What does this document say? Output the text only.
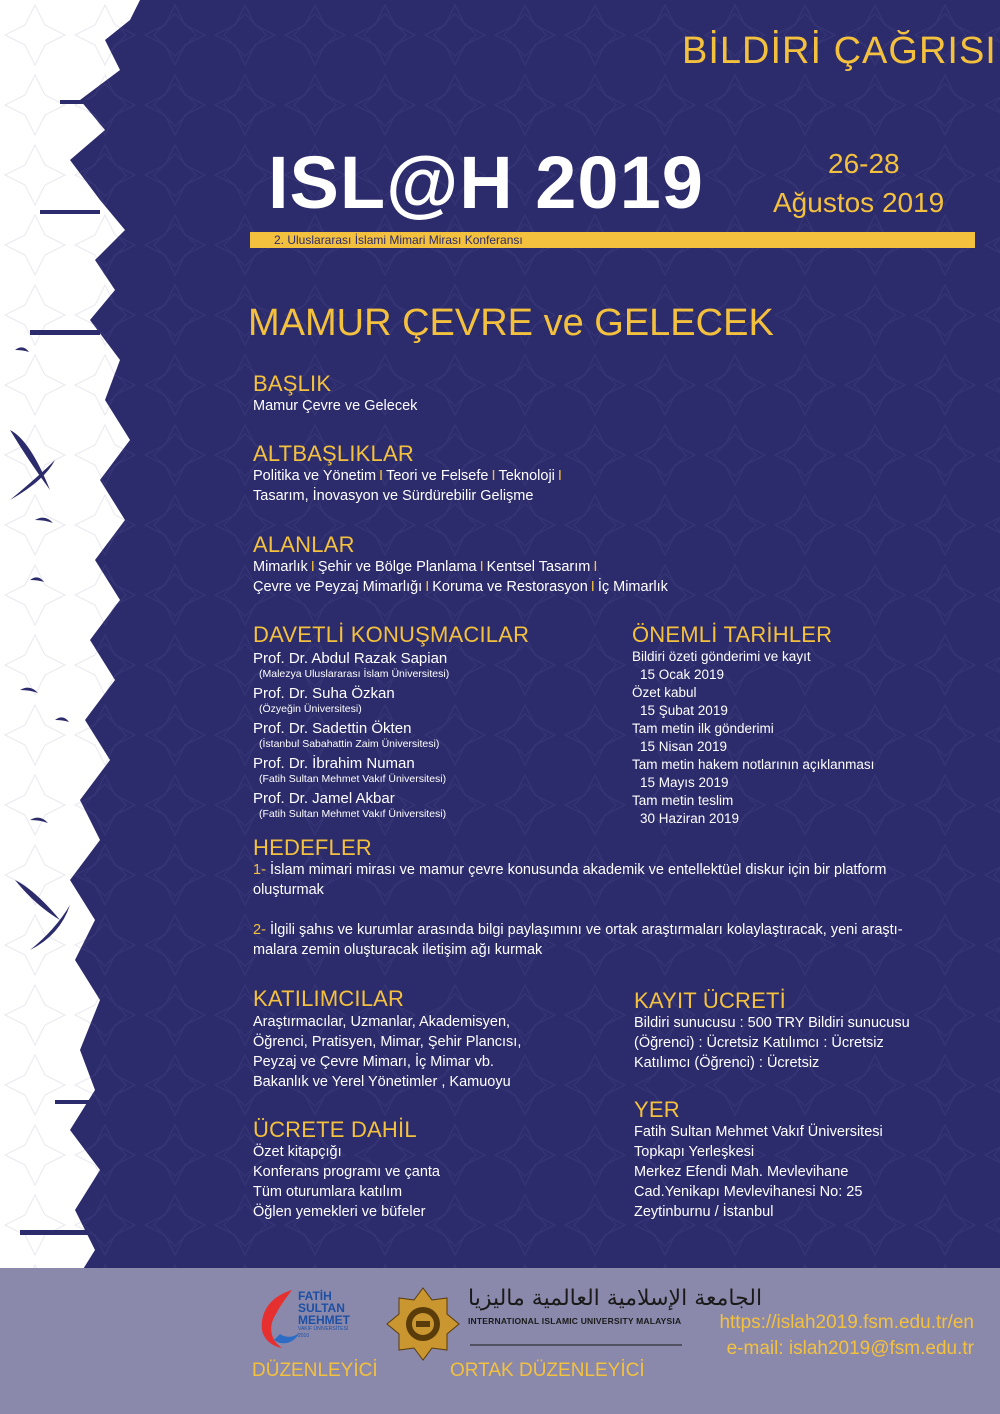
BİLDİRİ ÇAĞRISI
ISL@H 2019	26-28
Ağustos 2019
2. Uluslararası İslami Mimari Mirası Konferansı
MAMUR ÇEVRE ve GELECEK
BAŞLIK
Mamur Çevre ve Gelecek
ALTBAŞLIKLAR
Politika ve Yönetim I Teori ve Felsefe I Teknoloji I
Tasarım, İnovasyon ve Sürdürebilir Gelişme
ALANLAR
Mimarlık I Şehir ve Bölge Planlama I Kentsel Tasarım I
Çevre ve Peyzaj Mimarlığı I Koruma ve Restorasyon I İç Mimarlık
DAVETLİ KONUŞMACILAR
Prof. Dr. Abdul Razak Sapian
(Malezya Uluslararası İslam Üniversitesi)
Prof. Dr. Suha Özkan
(Özyeğin Üniversitesi)
Prof. Dr. Sadettin Ökten
(İstanbul Sabahattin Zaim Üniversitesi)
Prof. Dr. İbrahim Numan
(Fatih Sultan Mehmet Vakıf Üniversitesi)
Prof. Dr. Jamel Akbar
(Fatih Sultan Mehmet Vakıf Üniversitesi)
ÖNEMLİ TARİHLER
Bildiri özeti gönderimi ve kayıt
15 Ocak 2019
Özet kabul
15 Şubat 2019
Tam metin ilk gönderimi
15 Nisan 2019
Tam metin hakem notlarının açıklanması
15 Mayıs 2019
Tam metin teslim
30 Haziran 2019
HEDEFLER
1- İslam mimari mirası ve mamur çevre konusunda akademik ve entellektüel diskur için bir platform
oluşturmak
2- İlgili şahıs ve kurumlar arasında bilgi paylaşımını ve ortak araştırmaları kolaylaştıracak, yeni araştı-
malara zemin oluşturacak iletişim ağı kurmak
KATILIMCILAR
Araştırmacılar, Uzmanlar, Akademisyen,
Öğrenci, Pratisyen, Mimar, Şehir Plancısı,
Peyzaj ve Çevre Mimarı, İç Mimar vb.
Bakanlık ve Yerel Yönetimler , Kamuoyu
KAYIT ÜCRETİ
Bildiri sunucusu : 500 TRY Bildiri sunucusu
(Öğrenci) : Ücretsiz Katılımcı : Ücretsiz
Katılımcı (Öğrenci) : Ücretsiz
ÜCRETE DAHİL
Özet kitapçığı
Konferans programı ve çanta
Tüm oturumlara katılım
Öğlen yemekleri ve büfeler
YER
Fatih Sultan Mehmet Vakıf Üniversitesi
Topkapı Yerleşkesi
Merkez Efendi Mah. Mevlevihane
Cad.Yenikapı Mevlevihanesi No: 25
Zeytinburnu / İstanbul
FATİH
SULTAN
MEHMET
VAKIF ÜNİVERSİTESİ
2010
DÜZENLEYİCİ
الجامعة الإسلامية العالمية ماليزيا
INTERNATIONAL ISLAMIC UNIVERSITY MALAYSIA
ORTAK DÜZENLEYİCİ
https://islah2019.fsm.edu.tr/en
e-mail: islah2019@fsm.edu.tr
